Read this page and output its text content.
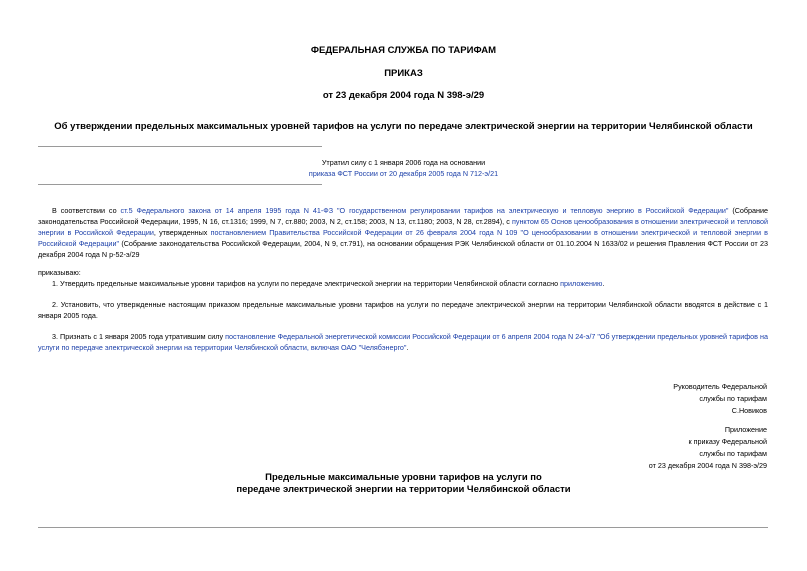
ФЕДЕРАЛЬНАЯ СЛУЖБА ПО ТАРИФАМ
ПРИКАЗ
от 23 декабря 2004 года N 398-э/29
Об утверждении предельных максимальных уровней тарифов на услуги по передаче электрической энергии на территории Челябинской области
Утратил силу с 1 января 2006 года на основании
приказа ФСТ России от 20 декабря 2005 года N 712-э/21
В соответствии со ст.5 Федерального закона от 14 апреля 1995 года N 41-ФЗ "О государственном регулировании тарифов на электрическую и тепловую энергию в Российской Федерации" (Собрание законодательства Российской Федерации, 1995, N 16, ст.1316; 1999, N 7, ст.880; 2003, N 2, ст.158; 2003, N 13, ст.1180; 2003, N 28, ст.2894), с пунктом 65 Основ ценообразования в отношении электрической и тепловой энергии в Российской Федерации, утвержденных постановлением Правительства Российской Федерации от 26 февраля 2004 года N 109 "О ценообразовании в отношении электрической и тепловой энергии в Российской Федерации" (Собрание законодательства Российской Федерации, 2004, N 9, ст.791), на основании обращения РЭК Челябинской области от 01.10.2004 N 1633/02 и решения Правления ФСТ России от 23 декабря 2004 года N р-52-э/29
приказываю:
1. Утвердить предельные максимальные уровни тарифов на услуги по передаче электрической энергии на территории Челябинской области согласно приложению.
2. Установить, что утвержденные настоящим приказом предельные максимальные уровни тарифов на услуги по передаче электрической энергии на территории Челябинской области вводятся в действие с 1 января 2005 года.
3. Признать с 1 января 2005 года утратившим силу постановление Федеральной энергетической комиссии Российской Федерации от 6 апреля 2004 года N 24-э/7 "Об утверждении предельных уровней тарифов на услуги по передаче электрической энергии на территории Челябинской области, включая ОАО "Челябэнерго".
Руководитель Федеральной
службы по тарифам
С.Новиков
Приложение
к приказу Федеральной
службы по тарифам
от 23 декабря 2004 года N 398-э/29
Предельные максимальные уровни тарифов на услуги по
передаче электрической энергии на территории Челябинской области
